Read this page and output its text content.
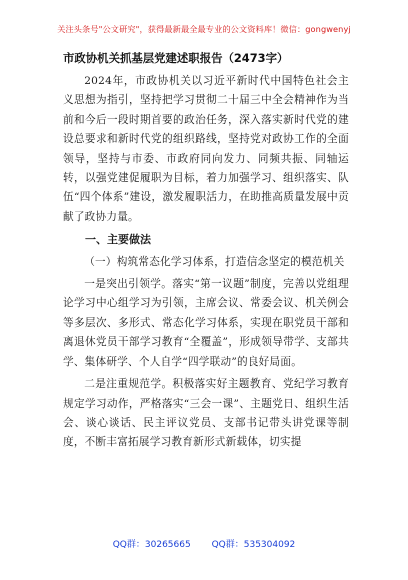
关注头条号"公文研究"，获得最新最全最专业的公文资料库！微信：gongwenyj
市政协机关抓基层党建述职报告（2473字）

2024年，市政协机关以习近平新时代中国特色社会主义思想为指引，坚持把学习贯彻二十届三中全会精神作为当前和今后一段时期首要的政治任务，深入落实新时代党的建设总要求和新时代党的组织路线，坚持党对政协工作的全面领导，坚持与市委、市政府同向发力、同频共振、同轴运转，以强党建促履职为目标，着力加强学习、组织落实、队伍“四个体系”建设，激发履职活力，在助推高质量发展中贡献了政协力量。

一、主要做法

（一）构筑常态化学习体系，打造信念坚定的模范机关

一是突出引领学。落实“第一议题”制度，完善以党组理论学习中心组学习为引领，主席会议、常委会议、机关例会等多层次、多形式、常态化学习体系，实现在职党员干部和离退休党员干部学习教育“全覆盖”，形成领导带学、支部共学、集体研学、个人自学“四学联动”的良好局面。

二是注重规范学。积极落实好主题教育、党纪学习教育规定学习动作，严格落实“三会一课”、主题党日、组织生活会、谈心谈话、民主评议党员、支部书记带头讲党课等制度，不断丰富拓展学习教育新形式新载体，切实提

QQ群：30265665 QQ群：535304092
